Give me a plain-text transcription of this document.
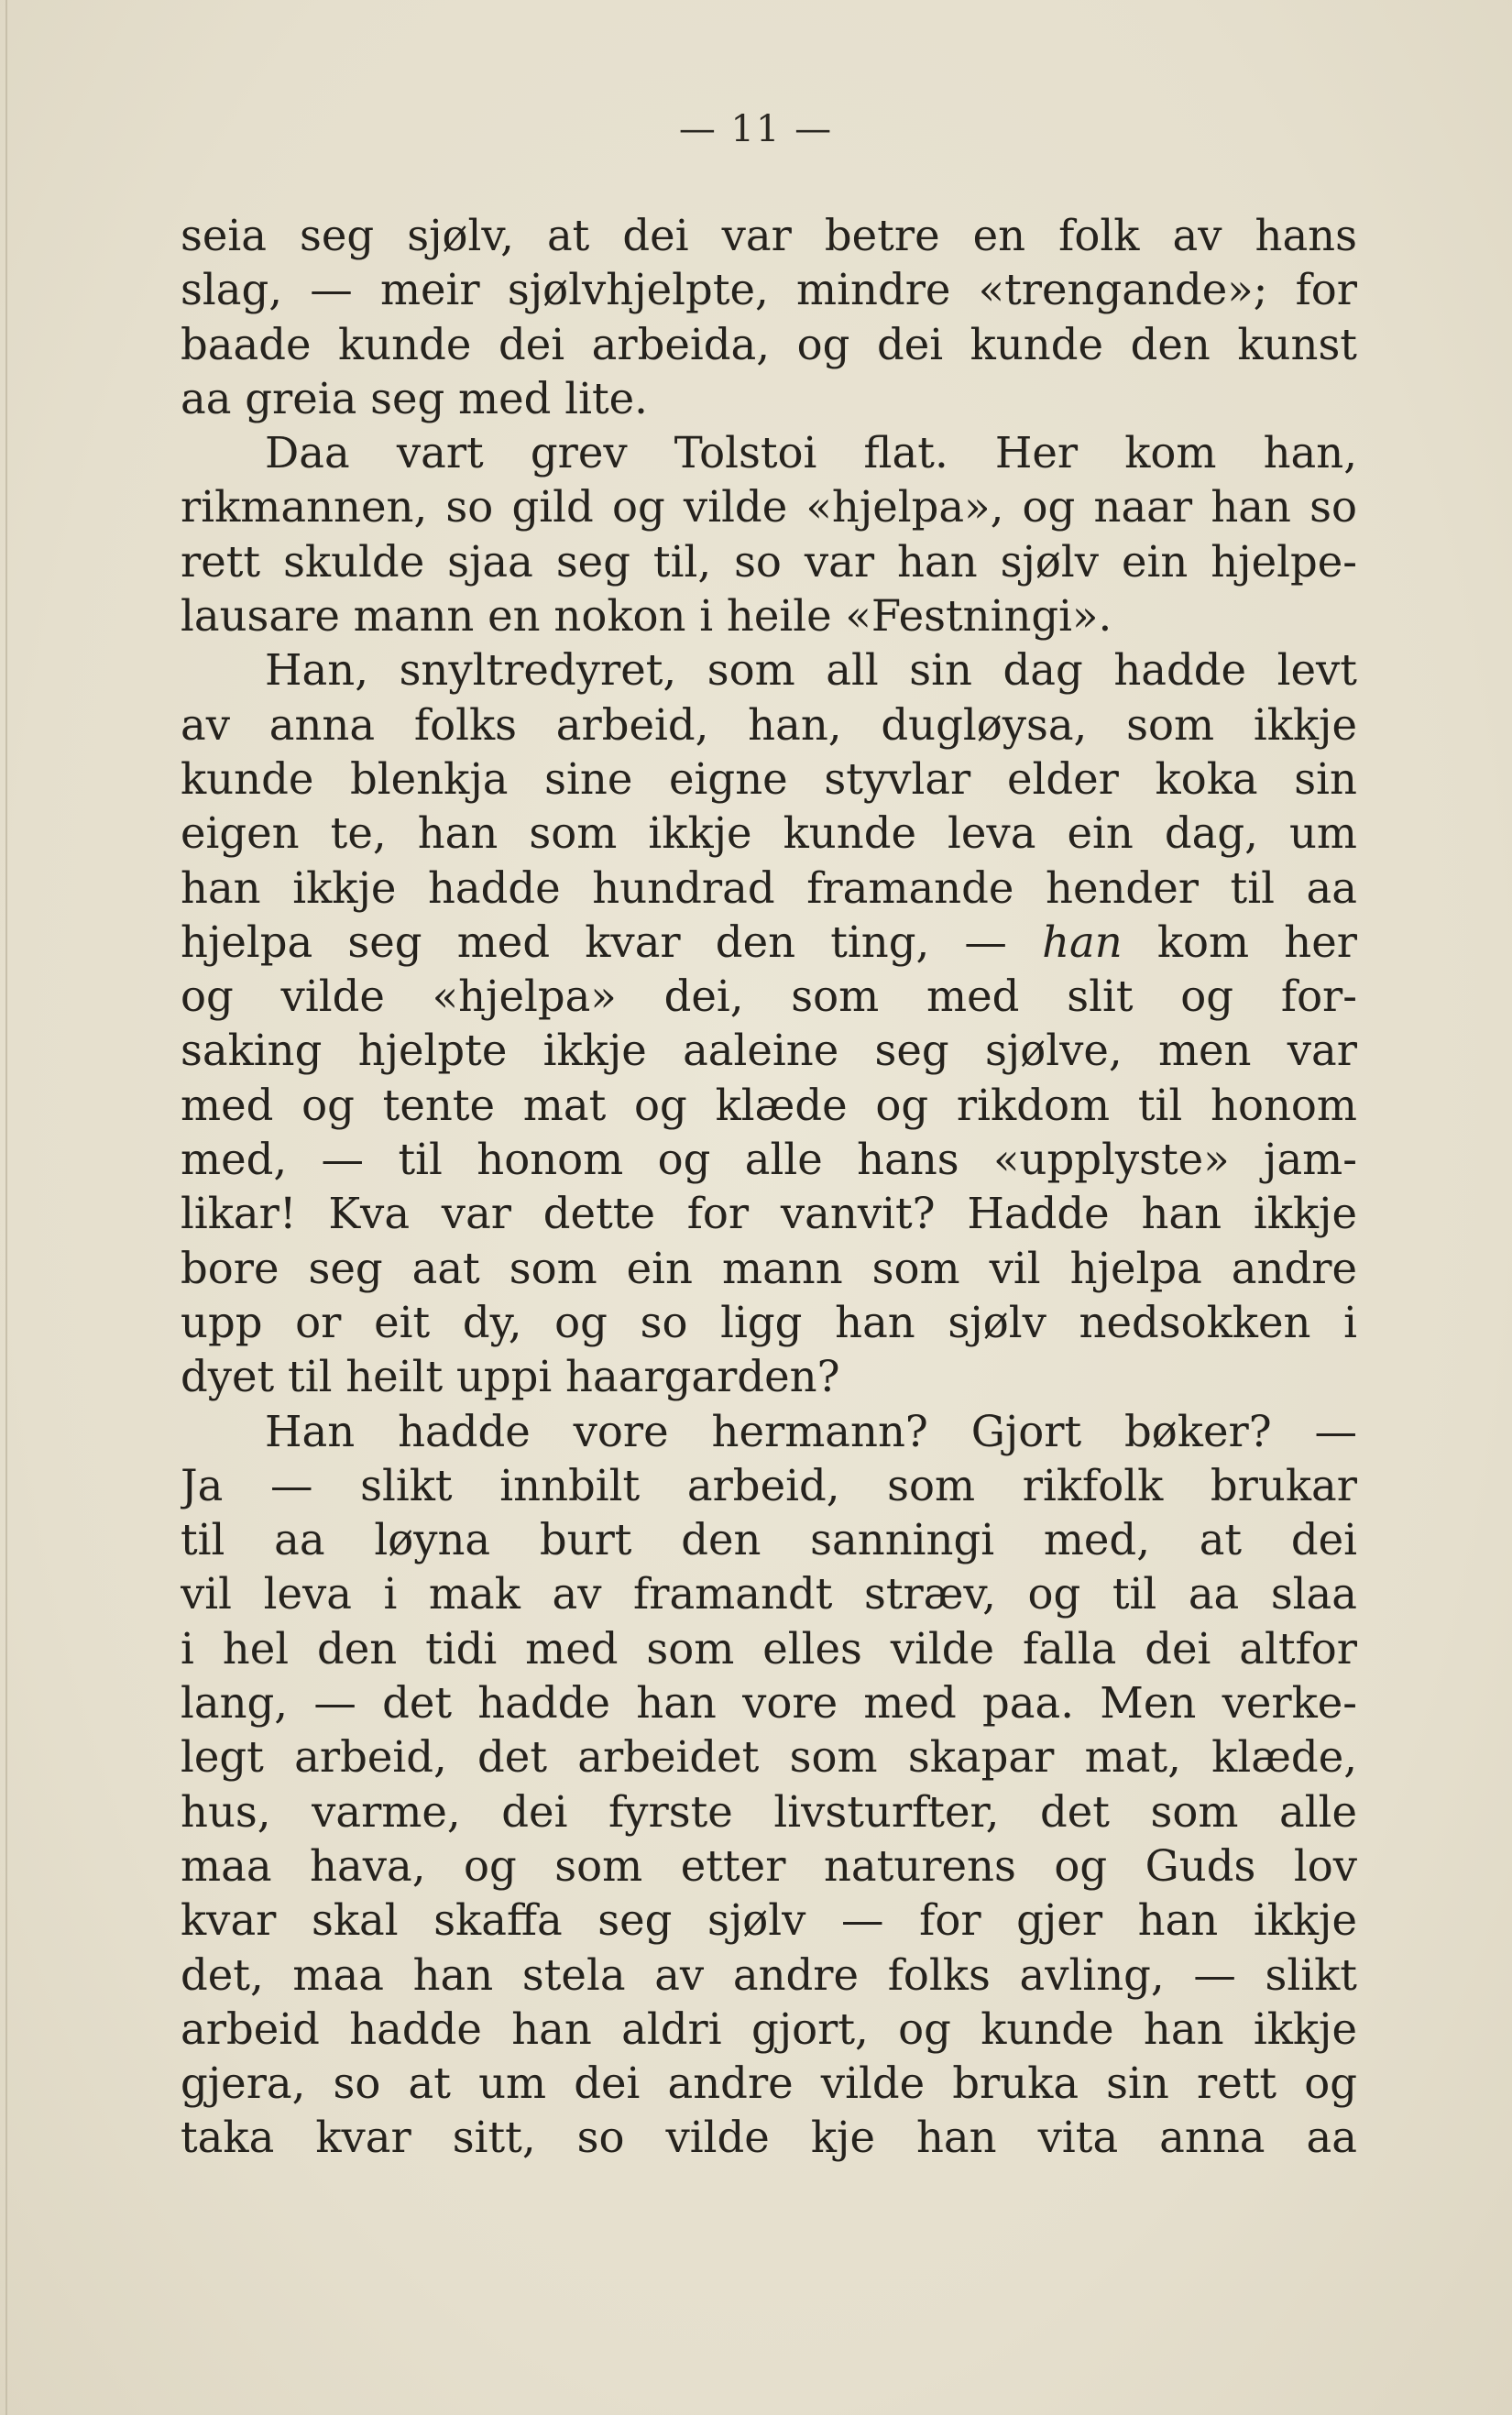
— 11 —
seia seg sjølv, at dei var betre en folk av hans
slag, — meir sjølvhjelpte, mindre «trengande»; for
baade kunde dei arbeida, og dei kunde den kunst
aa greia seg med lite.
Daa vart grev Tolstoi flat. Her kom han,
rikmannen, so gild og vilde «hjelpa», og naar han so
rett skulde sjaa seg til, so var han sjølv ein hjelpe-
lausare mann en nokon i heile «Festningi».
Han, snyltredyret, som all sin dag hadde levt
av anna folks arbeid, han, dugløysa, som ikkje
kunde blenkja sine eigne styvlar elder koka sin
eigen te, han som ikkje kunde leva ein dag, um
han ikkje hadde hundrad framande hender til aa
hjelpa seg med kvar den ting, — han kom her
og vilde «hjelpa» dei, som med slit og for-
saking hjelpte ikkje aaleine seg sjølve, men var
med og tente mat og klæde og rikdom til honom
med, — til honom og alle hans «upplyste» jam-
likar! Kva var dette for vanvit? Hadde han ikkje
bore seg aat som ein mann som vil hjelpa andre
upp or eit dy, og so ligg han sjølv nedsokken i
dyet til heilt uppi haargarden?
Han hadde vore hermann? Gjort bøker? —
Ja — slikt innbilt arbeid, som rikfolk brukar
til aa løyna burt den sanningi med, at dei
vil leva i mak av framandt stræv, og til aa slaa
i hel den tidi med som elles vilde falla dei altfor
lang, — det hadde han vore med paa. Men verke-
legt arbeid, det arbeidet som skapar mat, klæde,
hus, varme, dei fyrste livsturfter, det som alle
maa hava, og som etter naturens og Guds lov
kvar skal skaffa seg sjølv — for gjer han ikkje
det, maa han stela av andre folks avling, — slikt
arbeid hadde han aldri gjort, og kunde han ikkje
gjera, so at um dei andre vilde bruka sin rett og
taka kvar sitt, so vilde kje han vita anna aa
